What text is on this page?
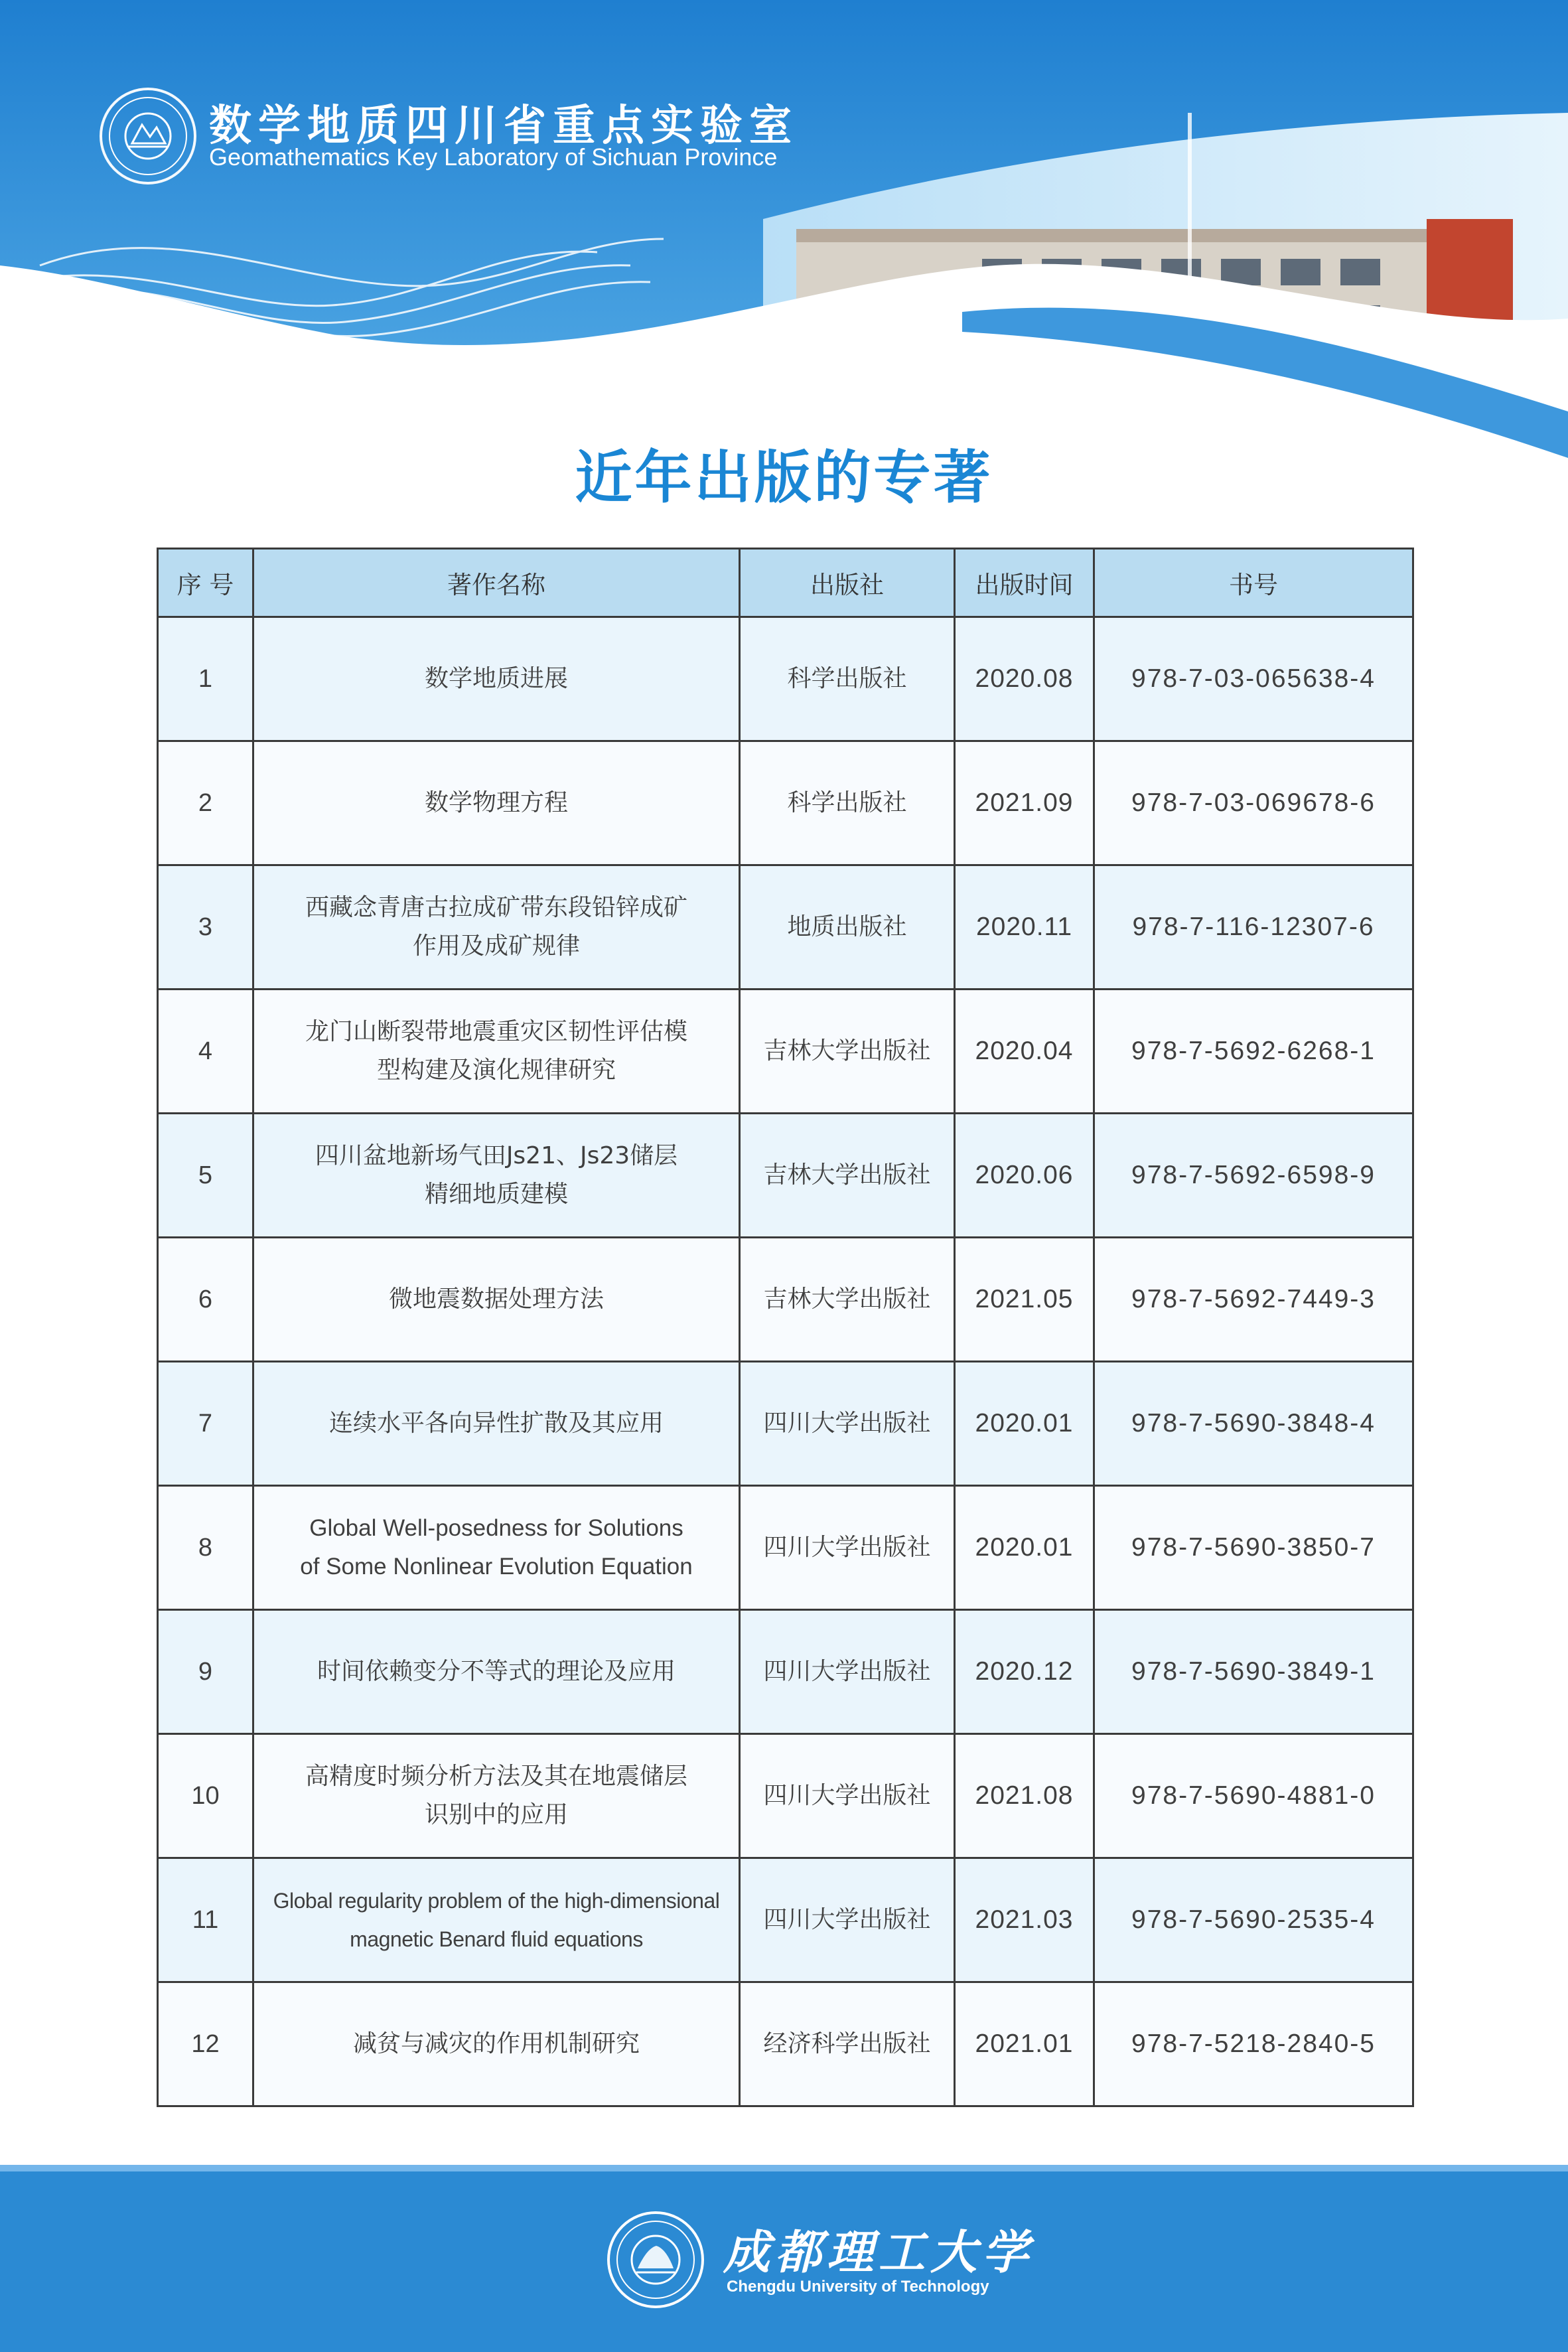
数学地质四川省重点实验室
Geomathematics Key Laboratory of Sichuan Province
近年出版的专著
序 号	著作名称	出版社	出版时间	书号
1	数学地质进展	科学出版社	2020.08	978-7-03-065638-4
2	数学物理方程	科学出版社	2021.09	978-7-03-069678-6
3	西藏念青唐古拉成矿带东段铅锌成矿
作用及成矿规律	地质出版社	2020.11	978-7-116-12307-6
4	龙门山断裂带地震重灾区韧性评估模
型构建及演化规律研究	吉林大学出版社	2020.04	978-7-5692-6268-1
5	四川盆地新场气田Js21、Js23储层
精细地质建模	吉林大学出版社	2020.06	978-7-5692-6598-9
6	微地震数据处理方法	吉林大学出版社	2021.05	978-7-5692-7449-3
7	连续水平各向异性扩散及其应用	四川大学出版社	2020.01	978-7-5690-3848-4
8	Global Well-posedness for Solutions
of Some Nonlinear Evolution Equation	四川大学出版社	2020.01	978-7-5690-3850-7
9	时间依赖变分不等式的理论及应用	四川大学出版社	2020.12	978-7-5690-3849-1
10	高精度时频分析方法及其在地震储层
识别中的应用	四川大学出版社	2021.08	978-7-5690-4881-0
11	Global regularity problem of the high-dimensional
magnetic Benard fluid equations	四川大学出版社	2021.03	978-7-5690-2535-4
12	减贫与减灾的作用机制研究	经济科学出版社	2021.01	978-7-5218-2840-5
成都理工大学
Chengdu University of Technology
